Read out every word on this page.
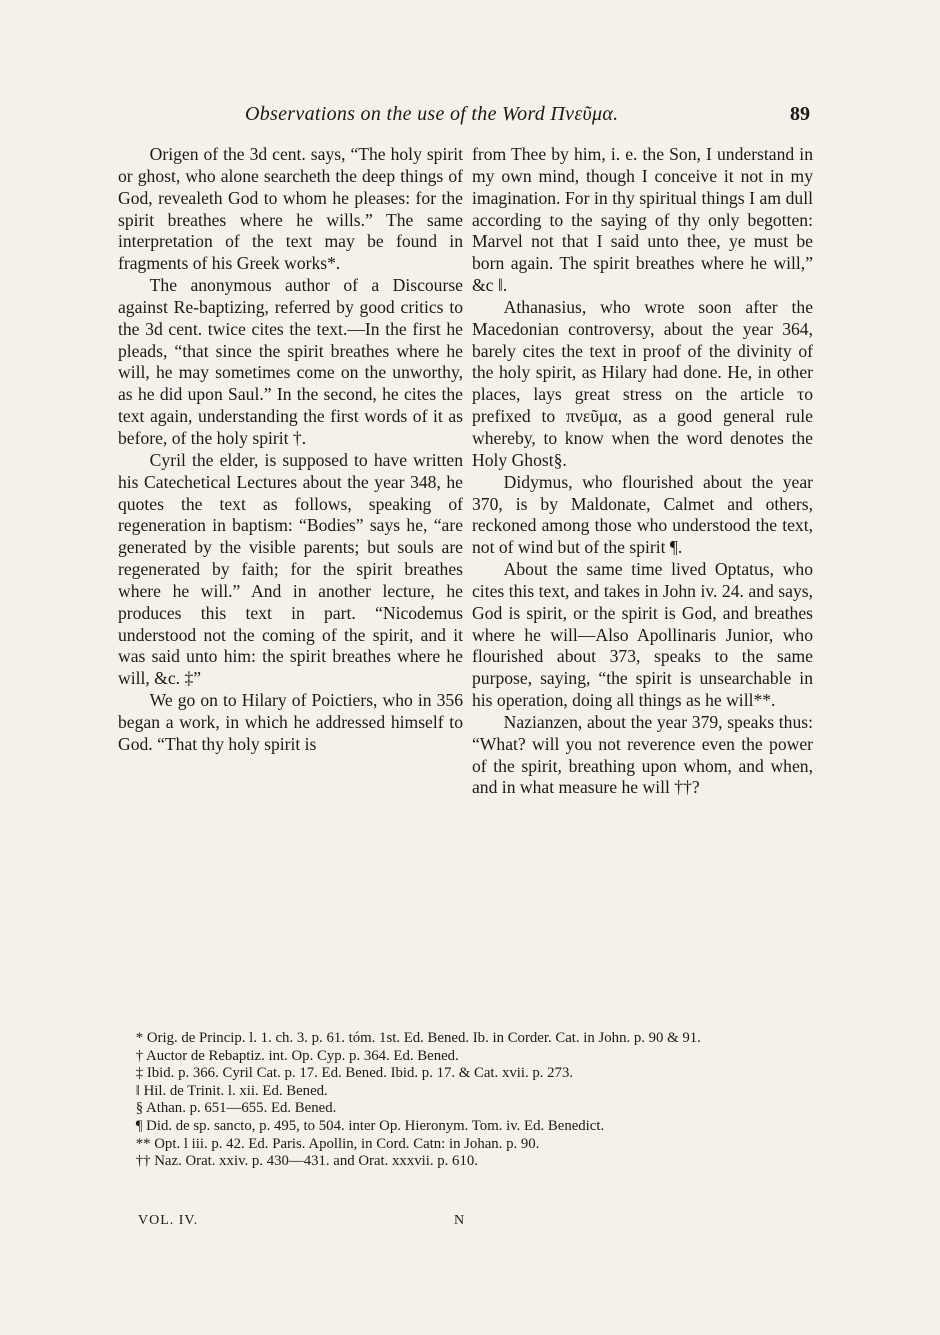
Observations on the use of the Word Πνεῦμα.	89

Origen of the 3d cent. says, “The holy spirit or ghost, who alone searcheth the deep things of God, revealeth God to whom he pleases: for the spirit breathes where he wills.” The same interpretation of the text may be found in fragments of his Greek works*.

The anonymous author of a Discourse against Re-baptizing, referred by good critics to the 3d cent. twice cites the text.—In the first he pleads, “that since the spirit breathes where he will, he may sometimes come on the unworthy, as he did upon Saul.” In the second, he cites the text again, understanding the first words of it as before, of the holy spirit †.

Cyril the elder, is supposed to have written his Catechetical Lectures about the year 348, he quotes the text as follows, speaking of regeneration in baptism: “Bodies” says he, “are generated by the visible parents; but souls are regenerated by faith; for the spirit breathes where he will.” And in another lecture, he produces this text in part. “Nicodemus understood not the coming of the spirit, and it was said unto him: the spirit breathes where he will, &c. ‡”

We go on to Hilary of Poictiers, who in 356 began a work, in which he addressed himself to God. “That thy holy spirit is

from Thee by him, i. e. the Son, I understand in my own mind, though I conceive it not in my imagination. For in thy spiritual things I am dull according to the saying of thy only begotten: Marvel not that I said unto thee, ye must be born again. The spirit breathes where he will,” &c ‖.

Athanasius, who wrote soon after the Macedonian controversy, about the year 364, barely cites the text in proof of the divinity of the holy spirit, as Hilary had done. He, in other places, lays great stress on the article το prefixed to πνεῦμα, as a good general rule whereby, to know when the word denotes the Holy Ghost§.

Didymus, who flourished about the year 370, is by Maldonate, Calmet and others, reckoned among those who understood the text, not of wind but of the spirit ¶.

About the same time lived Optatus, who cites this text, and takes in John iv. 24. and says, God is spirit, or the spirit is God, and breathes where he will—Also Apollinaris Junior, who flourished about 373, speaks to the same purpose, saying, “the spirit is unsearchable in his operation, doing all things as he will**.

Nazianzen, about the year 379, speaks thus: “What? will you not reverence even the power of the spirit, breathing upon whom, and when, and in what measure he will ††?

* Orig. de Princip. l. 1. ch. 3. p. 61. tóm. 1st. Ed. Bened. Ib. in Corder. Cat. in John. p. 90 & 91.

† Auctor de Rebaptiz. int. Op. Cyp. p. 364. Ed. Bened.

‡ Ibid. p. 366. Cyril Cat. p. 17. Ed. Bened. Ibid. p. 17. & Cat. xvii. p. 273.

‖ Hil. de Trinit. l. xii. Ed. Bened.

§ Athan. p. 651—655. Ed. Bened.

¶ Did. de sp. sancto, p. 495, to 504. inter Op. Hieronym. Tom. iv. Ed. Benedict.

** Opt. l iii. p. 42. Ed. Paris. Apollin, in Cord. Catn: in Johan. p. 90.

†† Naz. Orat. xxiv. p. 430—431. and Orat. xxxvii. p. 610.

VOL. IV.	N
